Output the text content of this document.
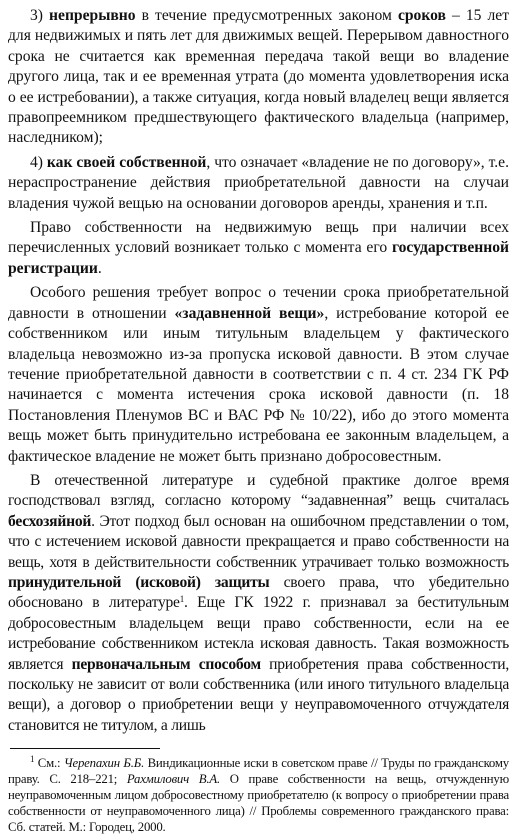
3) непрерывно в течение предусмотренных законом сроков – 15 лет для недвижимых и пять лет для движимых вещей. Перерывом давностного срока не считается как временная передача такой вещи во владение другого лица, так и ее временная утрата (до момента удовлетворения иска о ее истребовании), а также ситуация, когда новый владелец вещи является правопреемником предшествующего фактического владельца (например, наследником);

4) как своей собственной, что означает «владение не по договору», т.е. нераспространение действия приобретательной давности на случаи владения чужой вещью на основании договоров аренды, хранения и т.п.

Право собственности на недвижимую вещь при наличии всех перечисленных условий возникает только с момента его государственной регистрации.

Особого решения требует вопрос о течении срока приобретательной давности в отношении «задавненной вещи», истребование которой ее собственником или иным титульным владельцем у фактического владельца невозможно из-за пропуска исковой давности. В этом случае течение приобретательной давности в соответствии с п. 4 ст. 234 ГК РФ начинается с момента истечения срока исковой давности (п. 18 Постановления Пленумов ВС и ВАС РФ № 10/22), ибо до этого момента вещь может быть принудительно истребована ее законным владельцем, а фактическое владение не может быть признано добросовестным.

В отечественной литературе и судебной практике долгое время господствовал взгляд, согласно которому “задавненная” вещь считалась бесхозяйной. Этот подход был основан на ошибочном представлении о том, что с истечением исковой давности прекращается и право собственности на вещь, хотя в действительности собственник утрачивает только возможность принудительной (исковой) защиты своего права, что убедительно обосновано в литературе$^1$. Еще ГК 1922 г. признавал за беститульным добросовестным владельцем вещи право собственности, если на ее истребование собственником истекла исковая давность. Такая возможность является первоначальным способом приобретения права собственности, поскольку не зависит от воли собственника (или иного титульного владельца вещи), а договор о приобретении вещи у неуправомоченного отчуждателя становится не титулом, а лишь

$^1$ См.: Черепахин Б.Б. Виндикационные иски в советском праве // Труды по гражданскому праву. С. 218–221; Рахмилович В.А. О праве собственности на вещь, отчужденную неуправомоченным лицом добросовестному приобретателю (к вопросу о приобретении права собственности от неуправомоченного лица) // Проблемы современного гражданского права: Сб. статей. М.: Городец, 2000.
